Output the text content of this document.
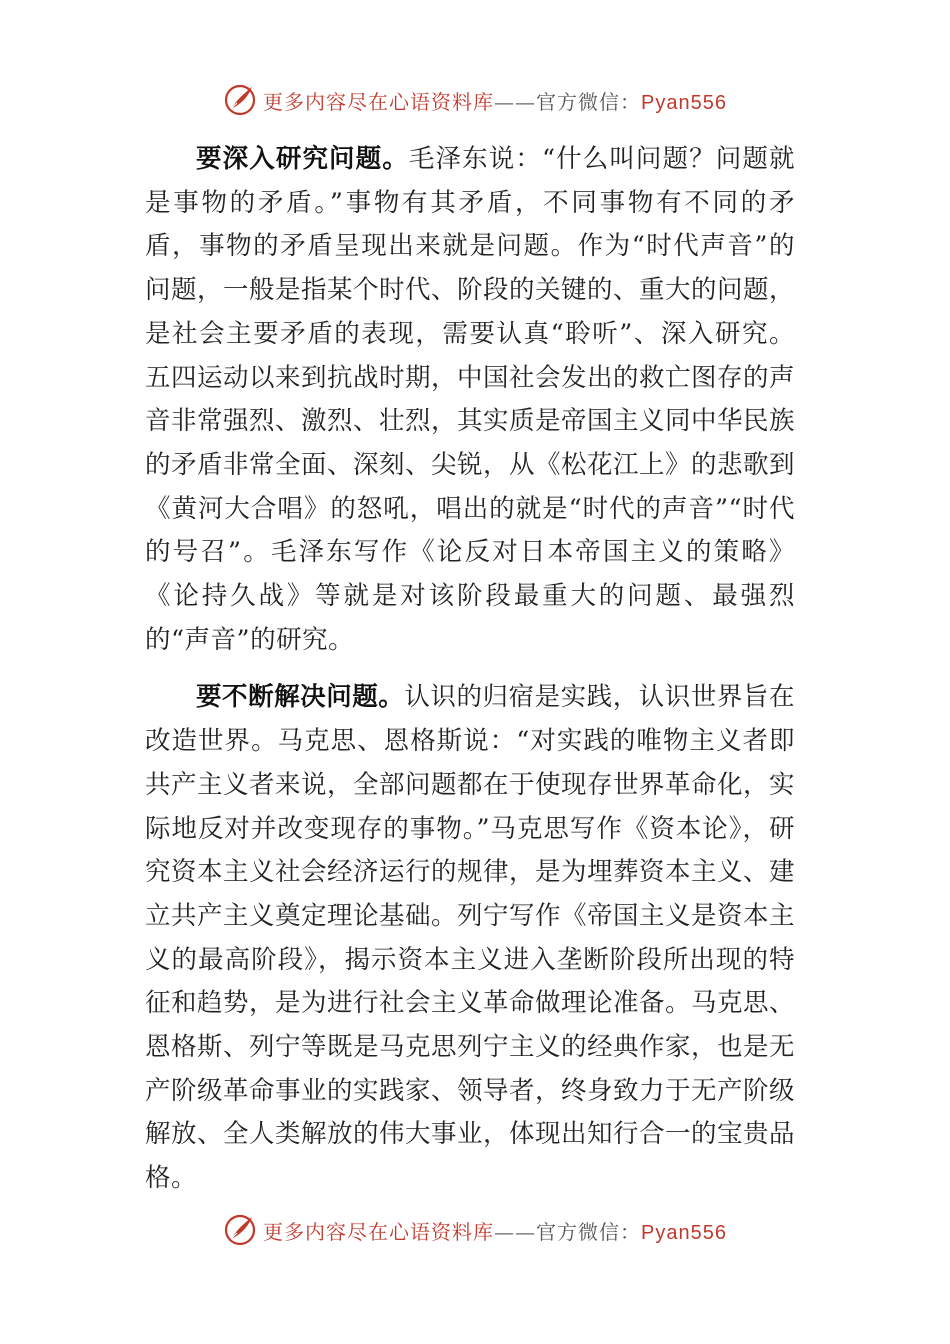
更多内容尽在心语资料库——官方微信：Pyan556

要深入研究问题。毛泽东说：“什么叫问题？问题就是事物的矛盾。”事物有其矛盾，不同事物有不同的矛盾，事物的矛盾呈现出来就是问题。作为“时代声音”的问题，一般是指某个时代、阶段的关键的、重大的问题，是社会主要矛盾的表现，需要认真“聆听”、深入研究。五四运动以来到抗战时期，中国社会发出的救亡图存的声音非常强烈、激烈、壮烈，其实质是帝国主义同中华民族的矛盾非常全面、深刻、尖锐，从《松花江上》的悲歌到《黄河大合唱》的怒吼，唱出的就是“时代的声音”“时代的号召”。毛泽东写作《论反对日本帝国主义的策略》《论持久战》等就是对该阶段最重大的问题、最强烈的“声音”的研究。

要不断解决问题。认识的归宿是实践，认识世界旨在改造世界。马克思、恩格斯说：“对实践的唯物主义者即共产主义者来说，全部问题都在于使现存世界革命化，实际地反对并改变现存的事物。”马克思写作《资本论》，研究资本主义社会经济运行的规律，是为埋葬资本主义、建立共产主义奠定理论基础。列宁写作《帝国主义是资本主义的最高阶段》，揭示资本主义进入垄断阶段所出现的特征和趋势，是为进行社会主义革命做理论准备。马克思、恩格斯、列宁等既是马克思列宁主义的经典作家，也是无产阶级革命事业的实践家、领导者，终身致力于无产阶级解放、全人类解放的伟大事业，体现出知行合一的宝贵品格。

更多内容尽在心语资料库——官方微信：Pyan556
